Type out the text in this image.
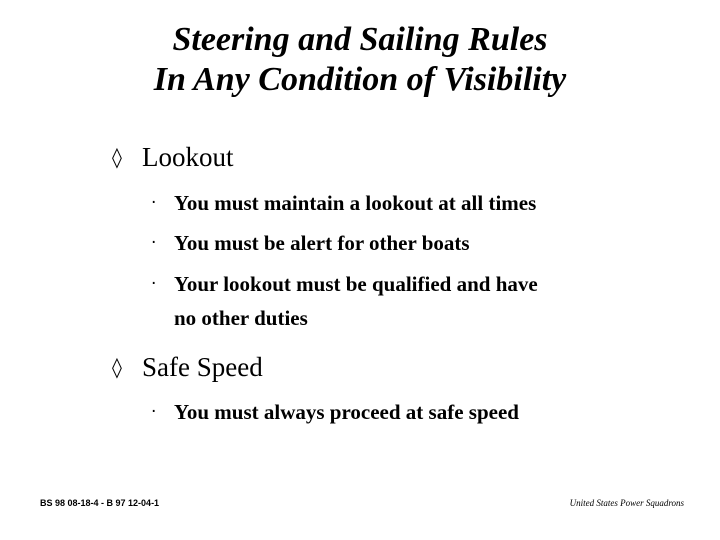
Steering and Sailing Rules
In Any Condition of Visibility
◊ Lookout
· You must maintain a lookout at all times
· You must be alert for other boats
· Your lookout must be qualified and have
no other duties
◊ Safe Speed
· You must always proceed at safe speed
BS 98 08-18-4 - B 97 12-04-1	United States Power Squadrons
